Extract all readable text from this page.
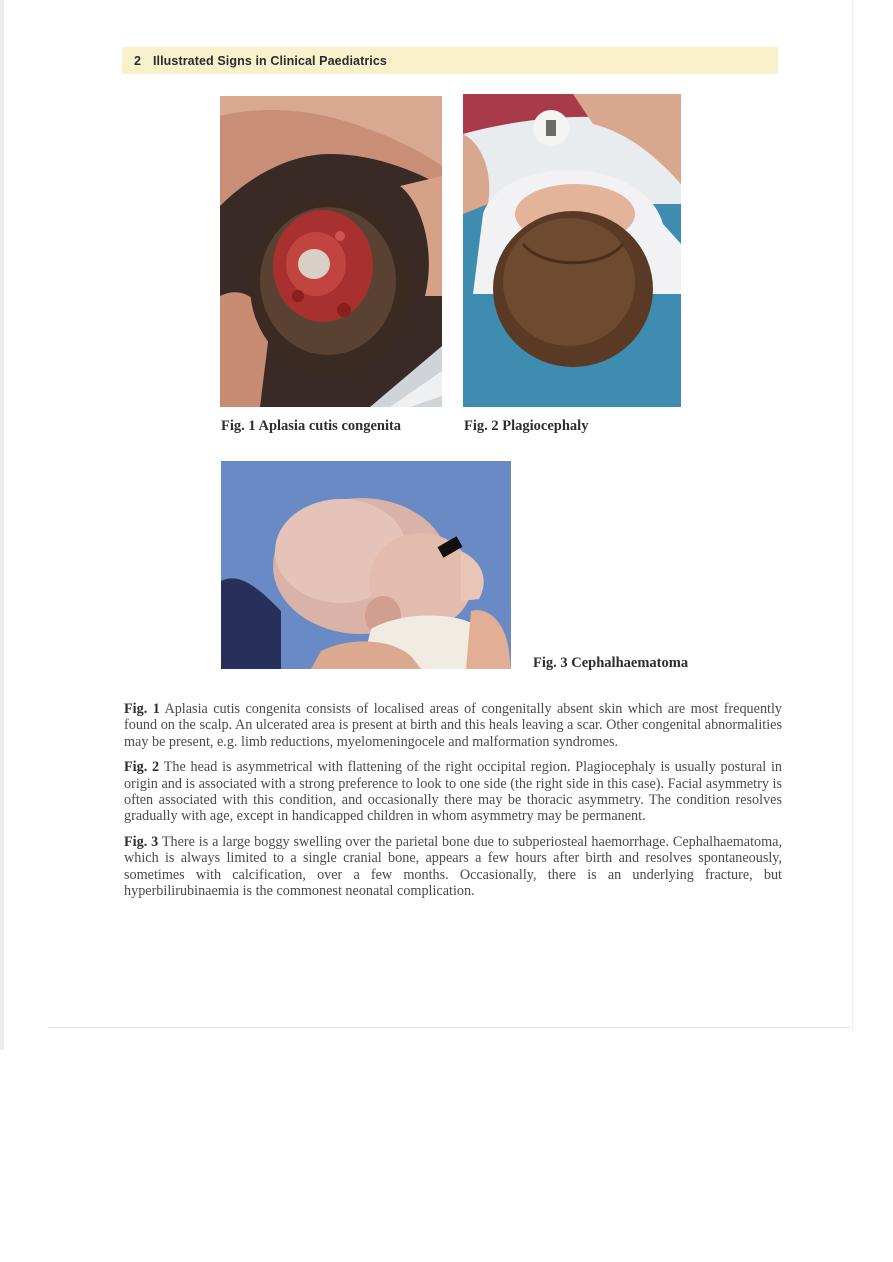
2 Illustrated Signs in Clinical Paediatrics
Fig. 1 Aplasia cutis congenita	Fig. 2 Plagiocephaly
Fig. 3 Cephalhaematoma

Fig. 1 Aplasia cutis congenita consists of localised areas of congenitally absent skin which are most frequently found on the scalp. An ulcerated area is present at birth and this heals leaving a scar. Other congenital abnormalities may be present, e.g. limb reductions, myelomeningocele and malformation syndromes.

Fig. 2 The head is asymmetrical with flattening of the right occipital region. Plagiocephaly is usually postural in origin and is associated with a strong preference to look to one side (the right side in this case). Facial asymmetry is often associated with this condition, and occasionally there may be thoracic asymmetry. The condition resolves gradually with age, except in handicapped children in whom asymmetry may be permanent.

Fig. 3 There is a large boggy swelling over the parietal bone due to subperiosteal haemorrhage. Cephalhaematoma, which is always limited to a single cranial bone, appears a few hours after birth and resolves spontaneously, sometimes with calcification, over a few months. Occasionally, there is an underlying fracture, but hyperbilirubinaemia is the commonest neonatal complication.
